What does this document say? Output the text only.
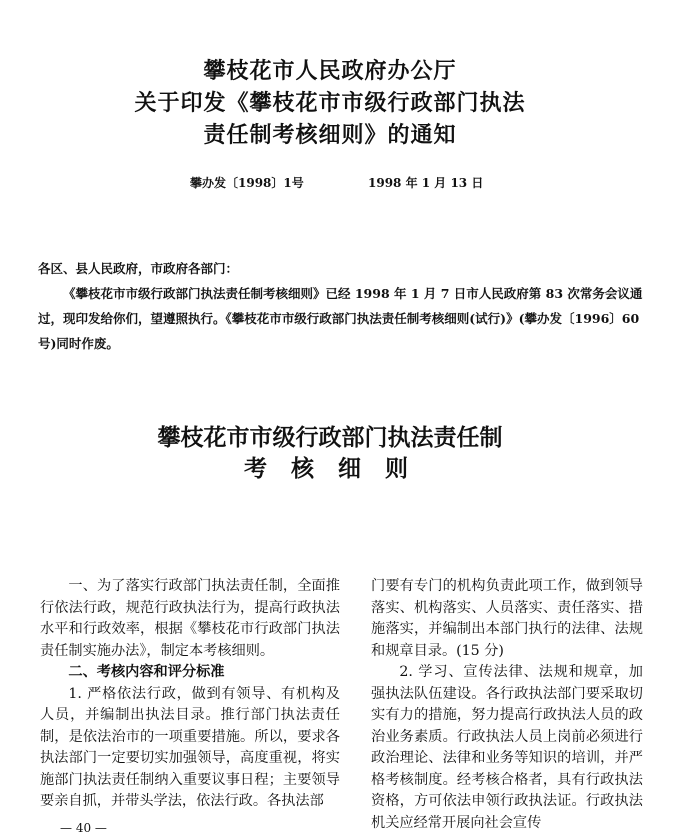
攀枝花市人民政府办公厅
关于印发《攀枝花市市级行政部门执法
责任制考核细则》的通知
攀办发〔1998〕1号	1998 年 1 月 13 日
各区、县人民政府，市政府各部门：
《攀枝花市市级行政部门执法责任制考核细则》已经 1998 年 1 月 7 日市人民政府第 83 次常务会议通过，现印发给你们，望遵照执行。《攀枝花市市级行政部门执法责任制考核细则(试行)》(攀办发〔1996〕60 号)同时作废。
攀枝花市市级行政部门执法责任制
考 核 细 则

一、为了落实行政部门执法责任制，全面推行依法行政，规范行政执法行为，提高行政执法水平和行政效率，根据《攀枝花市行政部门执法责任制实施办法》，制定本考核细则。

二、考核内容和评分标准

1. 严格依法行政，做到有领导、有机构及人员，并编制出执法目录。推行部门执法责任制，是依法治市的一项重要措施。所以，要求各执法部门一定要切实加强领导，高度重视，将实施部门执法责任制纳入重要议事日程；主要领导要亲自抓，并带头学法，依法行政。各执法部

门要有专门的机构负责此项工作，做到领导落实、机构落实、人员落实、责任落实、措施落实，并编制出本部门执行的法律、法规和规章目录。(15 分)

2. 学习、宣传法律、法规和规章，加强执法队伍建设。各行政执法部门要采取切实有力的措施，努力提高行政执法人员的政治业务素质。行政执法人员上岗前必须进行政治理论、法律和业务等知识的培训，并严格考核制度。经考核合格者，具有行政执法资格，方可依法申领行政执法证。行政执法机关应经常开展向社会宣传

— 40 —
